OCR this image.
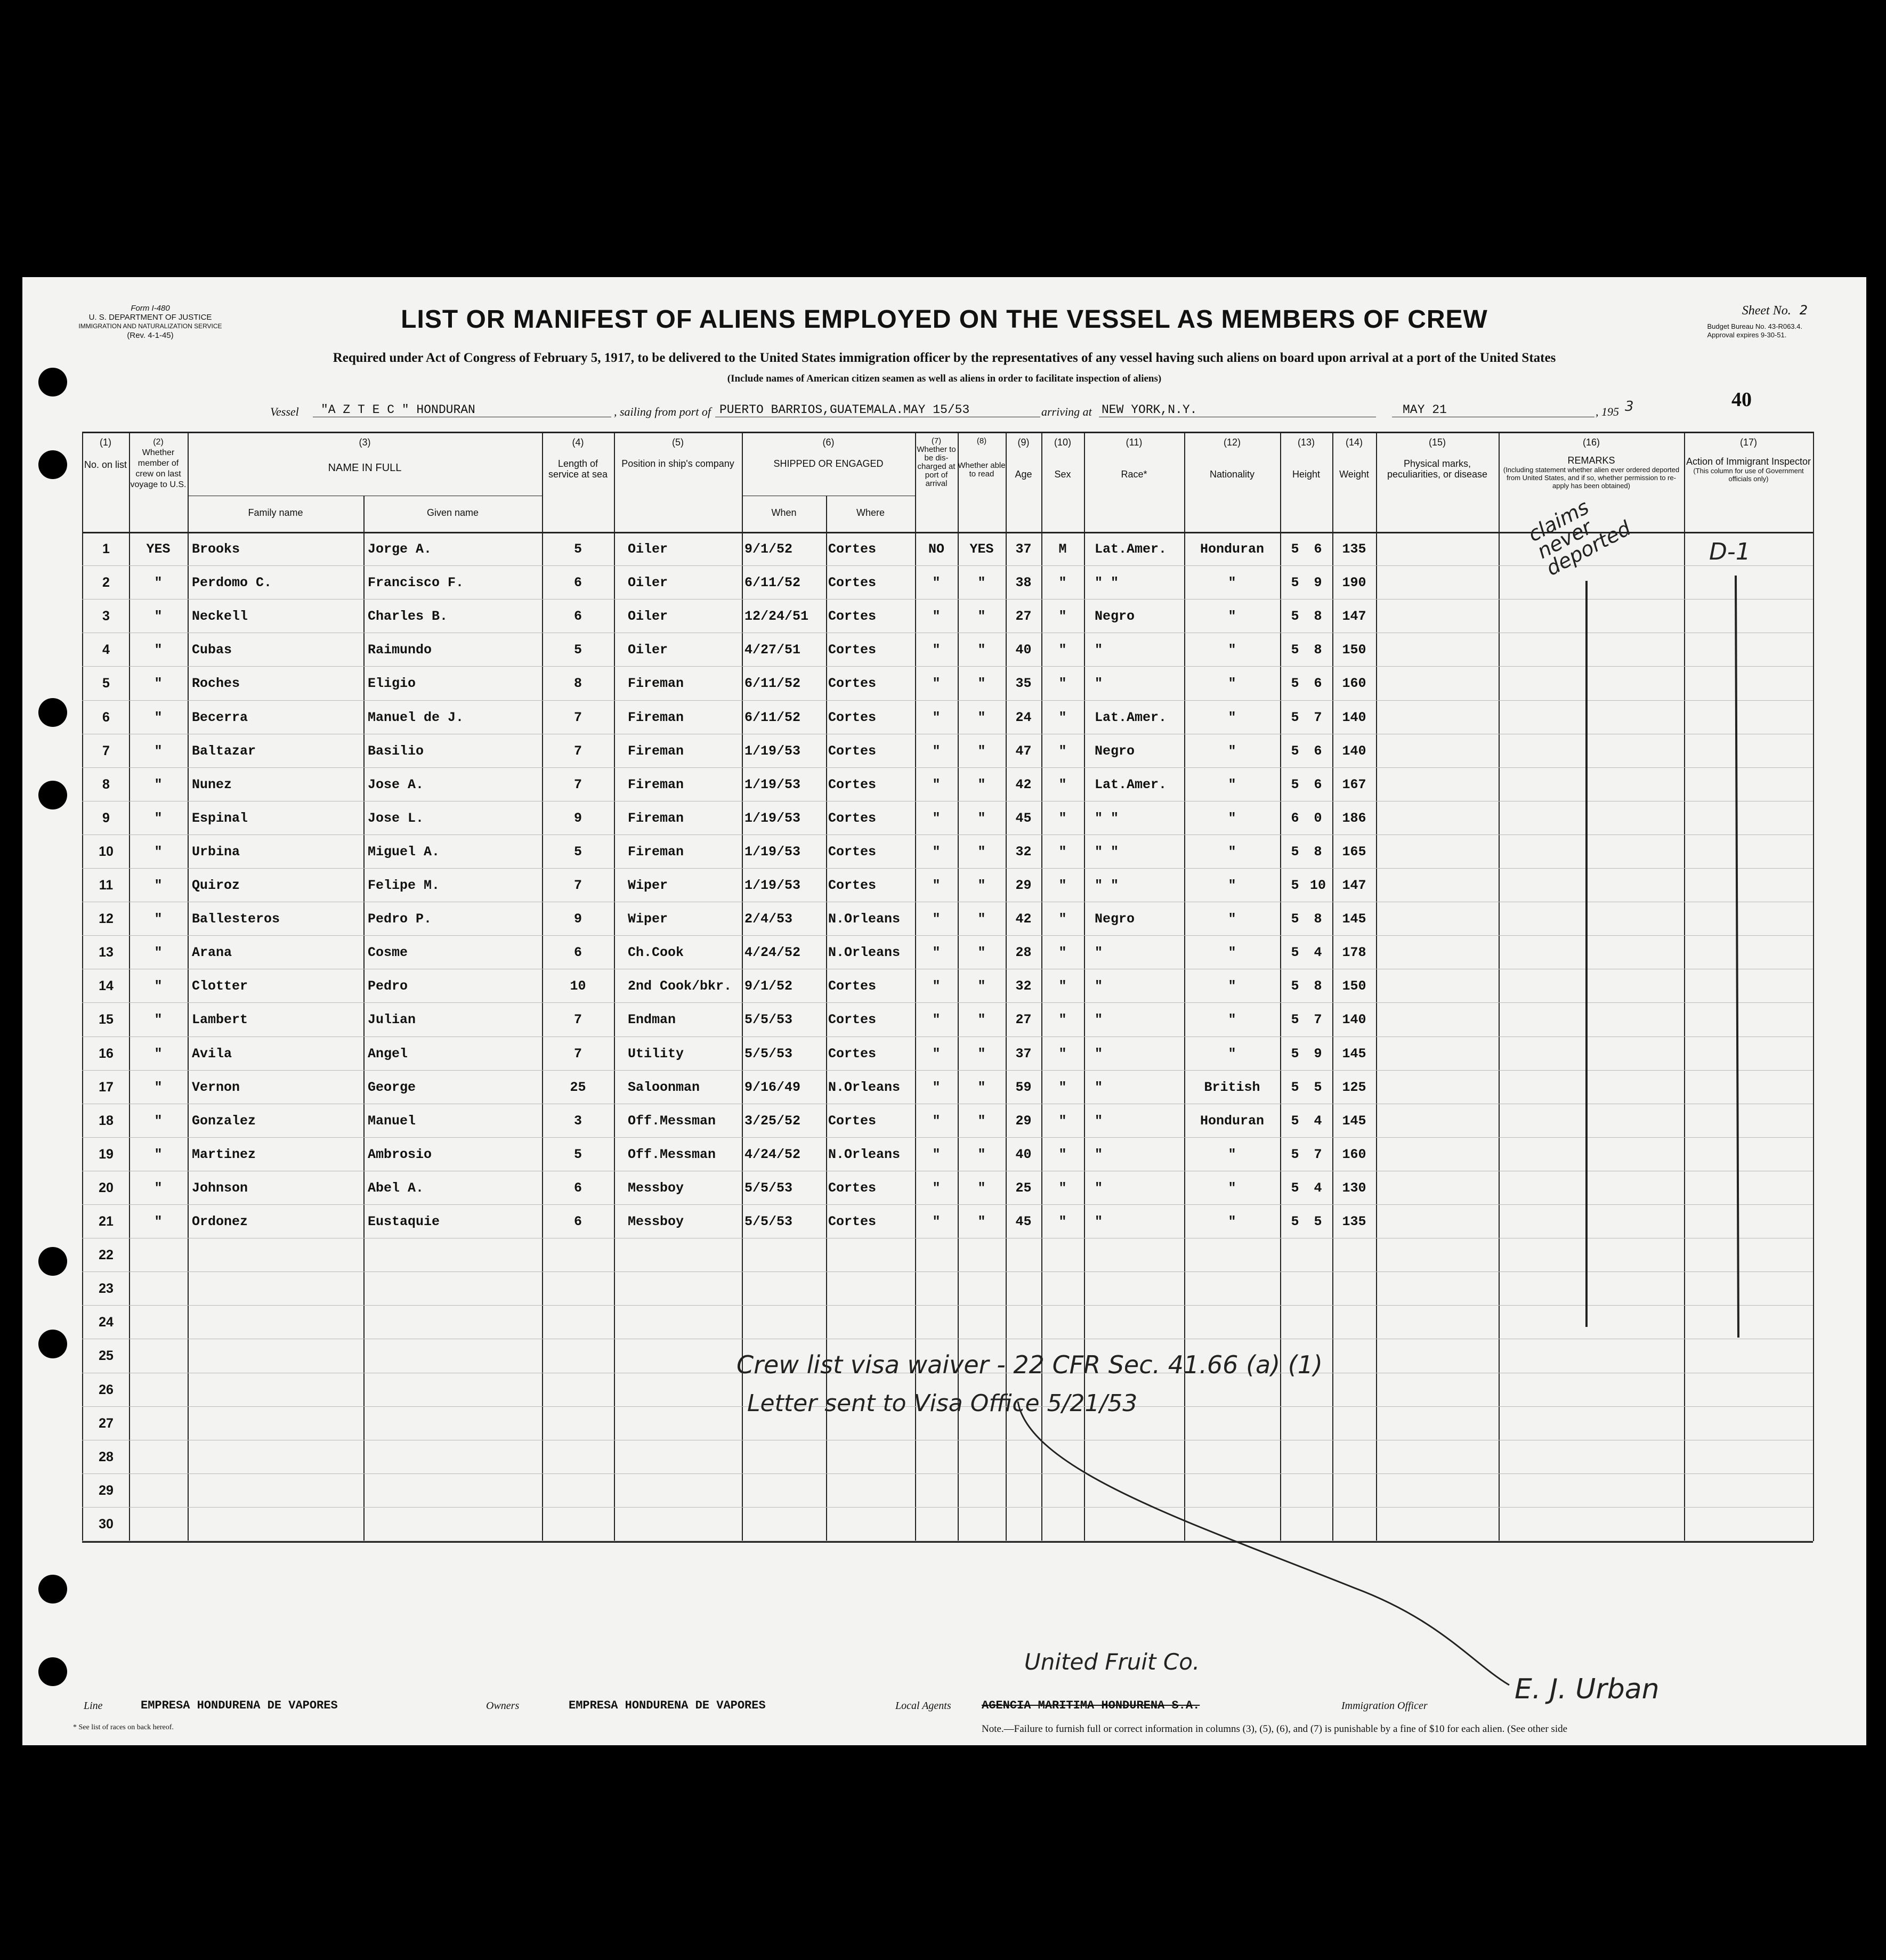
Form I-480
U. S. DEPARTMENT OF JUSTICE
IMMIGRATION AND NATURALIZATION SERVICE
(Rev. 4-1-45)
LIST OR MANIFEST OF ALIENS EMPLOYED ON THE VESSEL AS MEMBERS OF CREW	Sheet No. 2
Budget Bureau No. 43-R063.4.
Approval expires 9-30-51.
Required under Act of Congress of February 5, 1917, to be delivered to the United States immigration officer by the representatives of any vessel having such aliens on board upon arrival at a port of the United States
(Include names of American citizen seamen as well as aliens in order to facilitate inspection of aliens)
40
Vessel "A Z T E C " HONDURAN	, sailing from port of PUERTO BARRIOS,GUATEMALA.MAY 15/53	arriving at NEW YORK,N.Y.	MAY 21	, 195 3
(1)
No. on list
(2)
Whether member of crew on last voyage to U.S.
(3)
NAME IN FULL
Family name	Given name
(4)
Length of service at sea
(5)
Position in ship's company
(6)
SHIPPED OR ENGAGED
When	Where
(7)
Whether to be dis-charged at port of arrival
(8)
Whether able to read
(9)
Age
(10)
Sex
(11)
Race*
(12)
Nationality
(13)
Height
(14)
Weight
(15)
Physical marks, peculiarities, or disease
(16)
REMARKS
(Including statement whether alien ever ordered deported from United States, and if so, whether permission to re-apply has been obtained)
(17)
Action of Immigrant Inspector
(This column for use of Government officials only)
1	YES	Brooks	Jorge A.	5	Oiler	9/1/52	Cortes	NO	YES	37	M	Lat.Amer.	Honduran	5	6	135
2	"	Perdomo C.	Francisco F.	6	Oiler	6/11/52	Cortes	"	"	38	"	" "	"	5	9	190
3	"	Neckell	Charles B.	6	Oiler	12/24/51	Cortes	"	"	27	"	Negro	"	5	8	147
4	"	Cubas	Raimundo	5	Oiler	4/27/51	Cortes	"	"	40	"	"	"	5	8	150
5	"	Roches	Eligio	8	Fireman	6/11/52	Cortes	"	"	35	"	"	"	5	6	160
6	"	Becerra	Manuel de J.	7	Fireman	6/11/52	Cortes	"	"	24	"	Lat.Amer.	"	5	7	140
7	"	Baltazar	Basilio	7	Fireman	1/19/53	Cortes	"	"	47	"	Negro	"	5	6	140
8	"	Nunez	Jose A.	7	Fireman	1/19/53	Cortes	"	"	42	"	Lat.Amer.	"	5	6	167
9	"	Espinal	Jose L.	9	Fireman	1/19/53	Cortes	"	"	45	"	" "	"	6	0	186
10	"	Urbina	Miguel A.	5	Fireman	1/19/53	Cortes	"	"	32	"	" "	"	5	8	165
11	"	Quiroz	Felipe M.	7	Wiper	1/19/53	Cortes	"	"	29	"	" "	"	5 10	147
12	"	Ballesteros	Pedro P.	9	Wiper	2/4/53	N.Orleans	"	"	42	"	Negro	"	5	8	145
13	"	Arana	Cosme	6	Ch.Cook	4/24/52	N.Orleans	"	"	28	"	"	"	5	4	178
14	"	Clotter	Pedro	10	2nd Cook/bkr. 9/1/52	Cortes	"	"	32	"	"	"	5	8	150
15	"	Lambert	Julian	7	Endman	5/5/53	Cortes	"	"	27	"	"	"	5	7	140
16	"	Avila	Angel	7	Utility	5/5/53	Cortes	"	"	37	"	"	"	5	9	145
17	"	Vernon	George	25	Saloonman	9/16/49	N.Orleans	"	"	59	"	"	British	5	5	125
18	"	Gonzalez	Manuel	3	Off.Messman	3/25/52	Cortes	"	"	29	"	"	Honduran	5	4	145
19	"	Martinez	Ambrosio	5	Off.Messman	4/24/52	N.Orleans	"	"	40	"	"	"	5	7	160
20	"	Johnson	Abel A.	6	Messboy	5/5/53	Cortes	"	"	25	"	"	"	5	4	130
21	"	Ordonez	Eustaquie	6	Messboy	5/5/53	Cortes	"	"	45	"	"	"	5	5	135
22
23
24
25
26
27
28
29
30
claims never deported	D-1
Crew list visa waiver - 22 CFR Sec. 41.66 (a) (1)
Letter sent to Visa Office 5/21/53
United Fruit Co.
E. J. Urban
Line	EMPRESA HONDURENA DE VAPORES	Owners	EMPRESA HONDURENA DE VAPORES	Local Agents	AGENCIA MARITIMA HONDURENA S.A.	Immigration Officer
* See list of races on back hereof.	Note.—Failure to furnish full or correct information in columns (3), (5), (6), and (7) is punishable by a fine of $10 for each alien. (See other side
